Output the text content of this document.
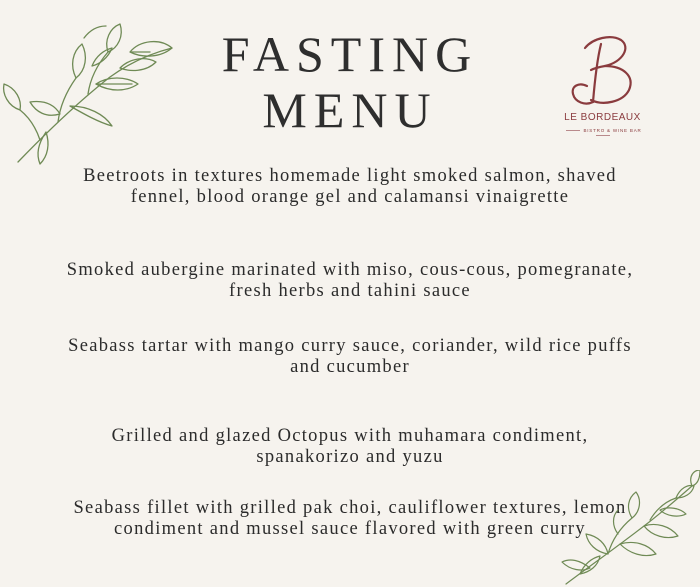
FASTING
MENU	LE BORDEAUX
BISTRO & WINE BAR
Beetroots in textures homemade light smoked salmon, shaved fennel, blood orange gel and calamansi vinaigrette
Smoked aubergine marinated with miso, cous-cous, pomegranate, fresh herbs and tahini sauce
Seabass tartar with mango curry sauce, coriander, wild rice puffs and cucumber
Grilled and glazed Octopus with muhamara condiment, spanakorizo and yuzu
Seabass fillet with grilled pak choi, cauliflower textures, lemon condiment and mussel sauce flavored with green curry
